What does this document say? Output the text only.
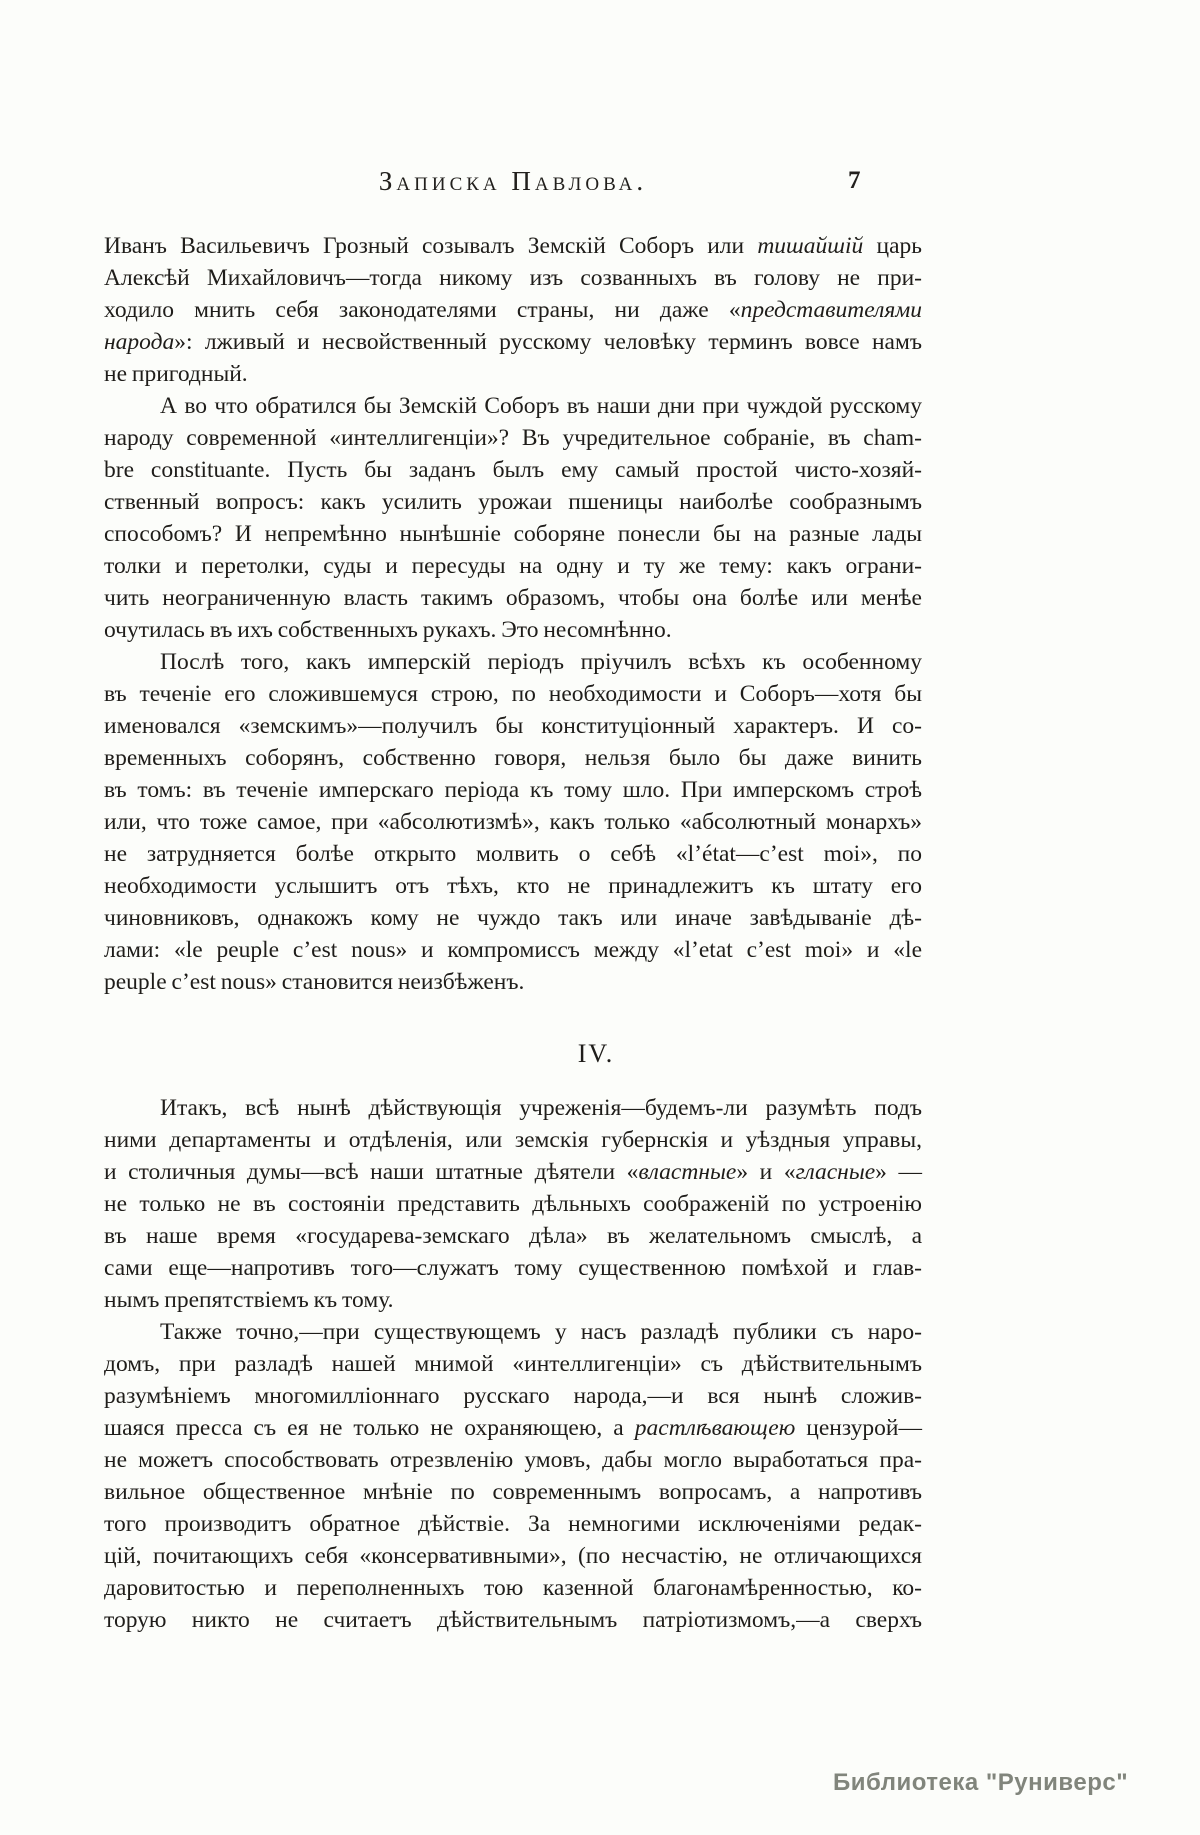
Записка Павлова.	7
Иванъ Васильевичъ Грозный созывалъ Земскій Соборъ или тишайшій царь
Алексѣй Михайловичъ—тогда никому изъ созванныхъ въ голову не при-
ходило мнить себя законодателями страны, ни даже «представителями
народа»: лживый и несвойственный русскому человѣку терминъ вовсе намъ
не пригодный.
А во что обратился бы Земскій Соборъ въ наши дни при чуждой русскому
народу современной «интеллигенціи»? Въ учредительное собраніе, въ cham-
bre constituante. Пусть бы заданъ былъ ему самый простой чисто-хозяй-
ственный вопросъ: какъ усилить урожаи пшеницы наиболѣе сообразнымъ
способомъ? И непремѣнно нынѣшніе соборяне понесли бы на разные лады
толки и перетолки, суды и пересуды на одну и ту же тему: какъ ограни-
чить неограниченную власть такимъ образомъ, чтобы она болѣе или менѣе
очутилась въ ихъ собственныхъ рукахъ. Это несомнѣнно.
Послѣ того, какъ имперскій періодъ пріучилъ всѣхъ къ особенному
въ теченіе его сложившемуся строю, по необходимости и Соборъ—хотя бы
именовался «земскимъ»—получилъ бы конституціонный характеръ. И со-
временныхъ соборянъ, собственно говоря, нельзя было бы даже винить
въ томъ: въ теченіе имперскаго періода къ тому шло. При имперскомъ строѣ
или, что тоже самое, при «абсолютизмѣ», какъ только «абсолютный монархъ»
не затрудняется болѣе открыто молвить о себѣ «l’état—c’est moi», по
необходимости услышитъ отъ тѣхъ, кто не принадлежитъ къ штату его
чиновниковъ, однакожъ кому не чуждо такъ или иначе завѣдываніе дѣ-
лами: «le peuple c’est nous» и компромиссъ между «l’etat c’est moi» и «le
peuple c’est nous» становится неизбѣженъ.
IV.
Итакъ, всѣ нынѣ дѣйствующія учреженія—будемъ-ли разумѣть подъ
ними департаменты и отдѣленія, или земскія губернскія и уѣздныя управы,
и столичныя думы—всѣ наши штатные дѣятели «властные» и «гласные» —
не только не въ состояніи представить дѣльныхъ соображеній по устроенію
въ наше время «государева-земскаго дѣла» въ желательномъ смыслѣ, а
сами еще—напротивъ того—служатъ тому существенною помѣхой и глав-
нымъ препятствіемъ къ тому.
Также точно,—при существующемъ у насъ разладѣ публики съ наро-
домъ, при разладѣ нашей мнимой «интеллигенціи» съ дѣйствительнымъ
разумѣніемъ многомилліоннаго русскаго народа,—и вся нынѣ сложив-
шаяся пресса съ ея не только не охраняющею, а растлѣвающею цензурой—
не можетъ способствовать отрезвленію умовъ, дабы могло выработаться пра-
вильное общественное мнѣніе по современнымъ вопросамъ, а напротивъ
того производитъ обратное дѣйствіе. За немногими исключеніями редак-
цій, почитающихъ себя «консервативными», (по несчастію, не отличающихся
даровитостью и переполненныхъ тою казенной благонамѣренностью, ко-
торую никто не считаетъ дѣйствительнымъ патріотизмомъ,—а сверхъ
Библиотека "Руниверс"
